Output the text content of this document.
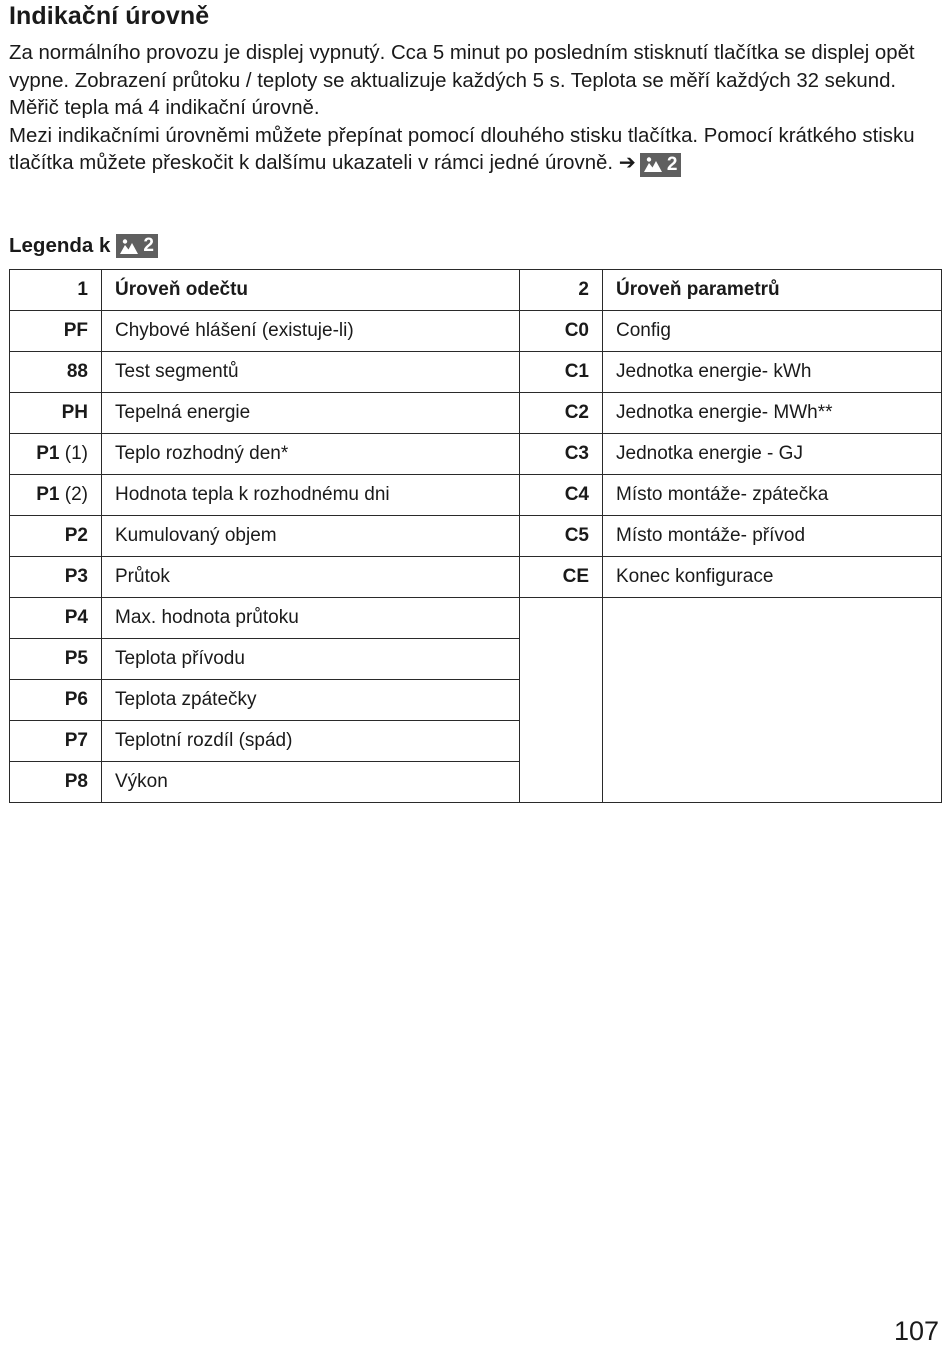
Indikační úrovně

Za normálního provozu je displej vypnutý. Cca 5 minut po posledním stisknutí tlačítka se displej opět vypne. Zobrazení průtoku / teploty se aktualizuje každých 5 s. Teplota se měří každých 32 sekund.

Měřič tepla má 4 indikační úrovně.

Mezi indikačními úrovněmi můžete přepínat pomocí dlouhého stisku tlačítka. Pomocí krátkého stisku tlačítka můžete přeskočit k dalšímu ukazateli v rámci jedné úrovně. ➔ 2

Legenda k 2
1	Úroveň odečtu	2	Úroveň parametrů
PF	Chybové hlášení (existuje-li)	C0	Config
88	Test segmentů	C1	Jednotka energie- kWh
PH	Tepelná energie	C2	Jednotka energie- MWh**
P1 (1)	Teplo rozhodný den*	C3	Jednotka energie - GJ
P1 (2)	Hodnota tepla k rozhodnému dni	C4	Místo montáže- zpátečka
P2	Kumulovaný objem	C5	Místo montáže- přívod
P3	Průtok	CE	Konec konfigurace
P4	Max. hodnota průtoku		
P5	Teplota přívodu		
P6	Teplota zpátečky		
P7	Teplotní rozdíl (spád)		
P8	Výkon		
107
